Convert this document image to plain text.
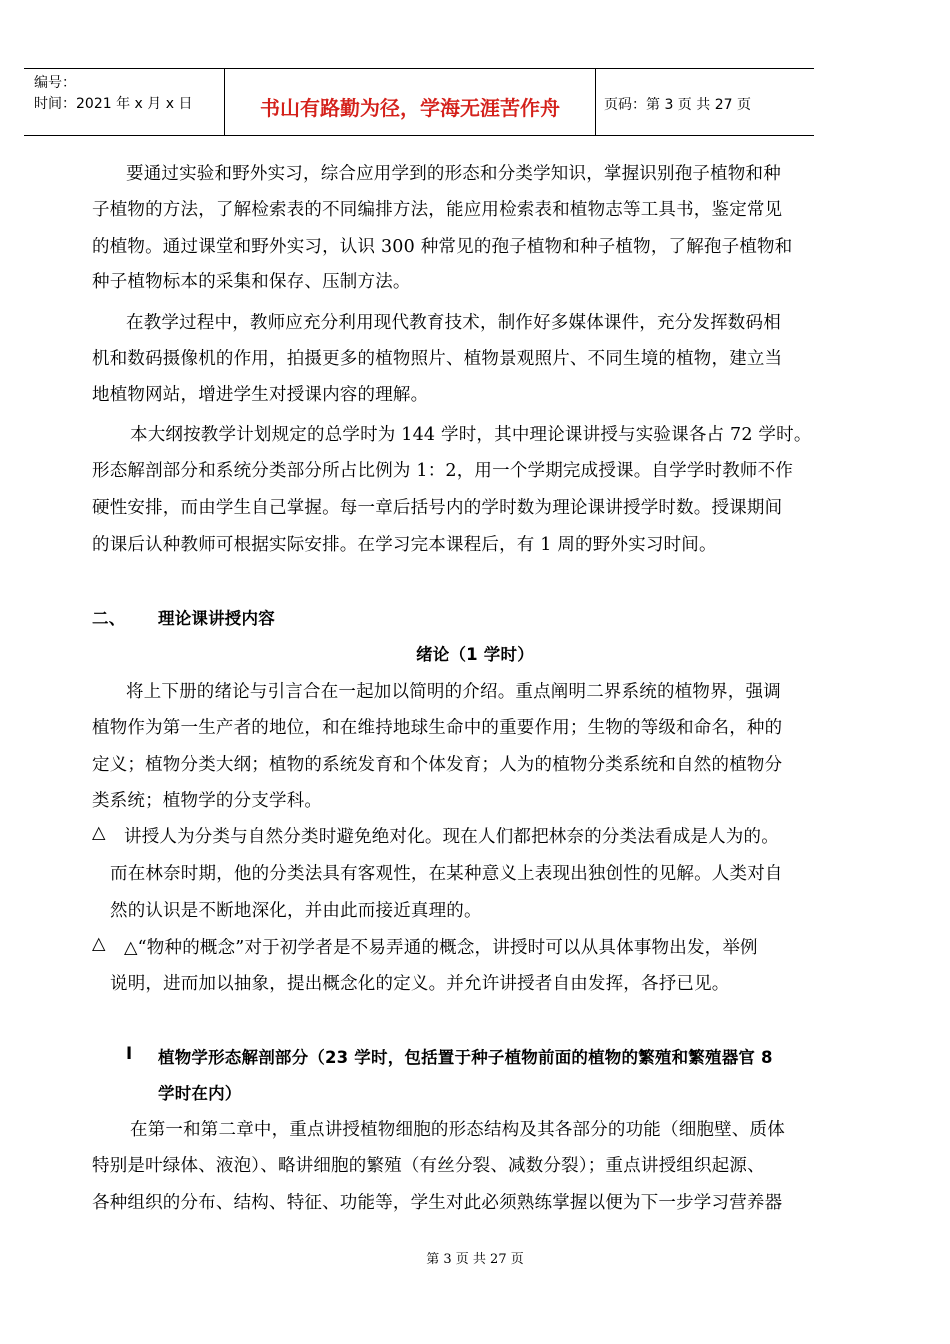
编号：
时间：2021 年 x 月 x 日	书山有路勤为径，学海无涯苦作舟	页码：第 3 页 共 27 页
要通过实验和野外实习，综合应用学到的形态和分类学知识，掌握识别孢子植物和种
子植物的方法，了解检索表的不同编排方法，能应用检索表和植物志等工具书，鉴定常见
的植物。通过课堂和野外实习，认识 300 种常见的孢子植物和种子植物，了解孢子植物和
种子植物标本的采集和保存、压制方法。
在教学过程中，教师应充分利用现代教育技术，制作好多媒体课件，充分发挥数码相
机和数码摄像机的作用，拍摄更多的植物照片、植物景观照片、不同生境的植物，建立当
地植物网站，增进学生对授课内容的理解。
本大纲按教学计划规定的总学时为 144 学时，其中理论课讲授与实验课各占 72 学时。
形态解剖部分和系统分类部分所占比例为 1：2，用一个学期完成授课。自学学时教师不作
硬性安排，而由学生自己掌握。每一章后括号内的学时数为理论课讲授学时数。授课期间
的课后认种教师可根据实际安排。在学习完本课程后，有 1 周的野外实习时间。
二、 理论课讲授内容
绪论（1 学时）
将上下册的绪论与引言合在一起加以简明的介绍。重点阐明二界系统的植物界，强调
植物作为第一生产者的地位，和在维持地球生命中的重要作用；生物的等级和命名，种的
定义；植物分类大纲；植物的系统发育和个体发育；人为的植物分类系统和自然的植物分
类系统；植物学的分支学科。
△ 讲授人为分类与自然分类时避免绝对化。现在人们都把林奈的分类法看成是人为的。
而在林奈时期，他的分类法具有客观性，在某种意义上表现出独创性的见解。人类对自
然的认识是不断地深化，并由此而接近真理的。
△ △“物种的概念”对于初学者是不易弄通的概念，讲授时可以从具体事物出发，举例
说明，进而加以抽象，提出概念化的定义。并允许讲授者自由发挥，各抒已见。
I 植物学形态解剖部分（23 学时，包括置于种子植物前面的植物的繁殖和繁殖器官 8
学时在内）
在第一和第二章中，重点讲授植物细胞的形态结构及其各部分的功能（细胞壁、质体
特别是叶绿体、液泡）、略讲细胞的繁殖（有丝分裂、减数分裂）；重点讲授组织起源、
各种组织的分布、结构、特征、功能等，学生对此必须熟练掌握以便为下一步学习营养器
第 3 页 共 27 页
